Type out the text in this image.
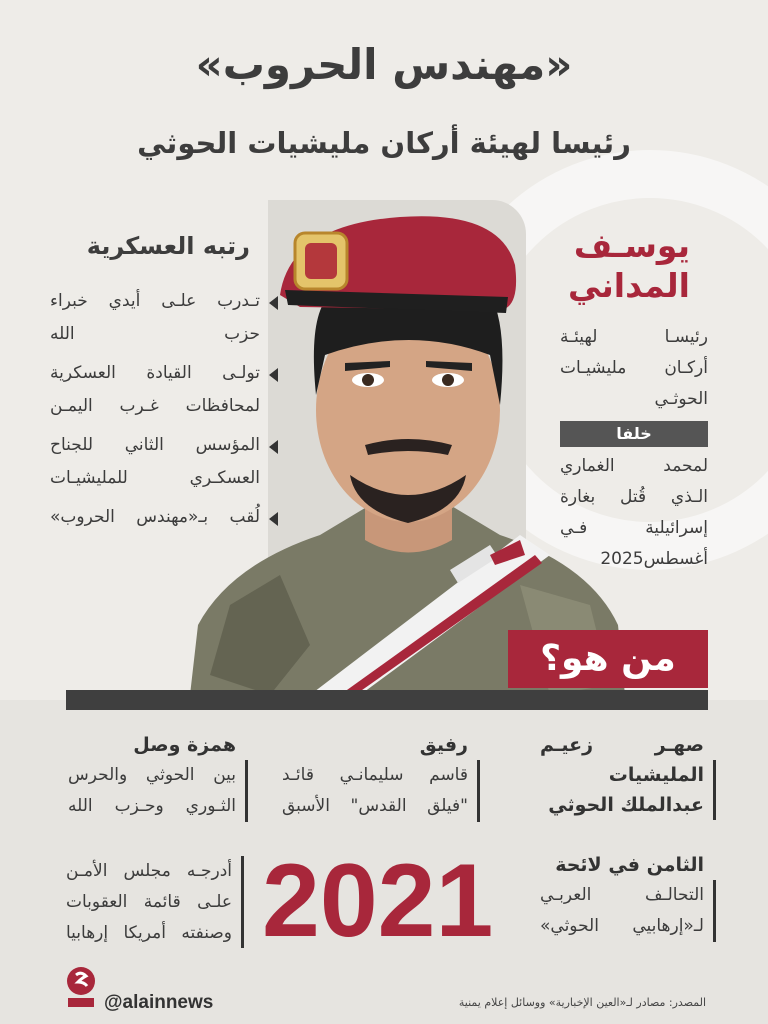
«مهندس الحروب»
رئيسا لهيئة أركان مليشيات الحوثي
رتبه العسكرية
تـدرب علـى أيدي خبراء
حزب الله
تولـى القيادة العسكرية
لمحافظات غـرب اليمـن
المؤسس الثاني للجناح
العسكـري للمليشيـات
لُقب بـ«مهندس الحروب»
يوسـف
المداني
رئيسـا لهيئـة
أركـان مليشيـات
الحوثـي
خلفا
لمحمد الغماري
الـذي قُتل بغارة
إسرائيلية فـي
أغسطس2025
من هو؟
همزة وصل
بين الحوثي والحرس
الثـوري وحـزب الله
رفيق
قاسم سليمانـي قائـد
"فيلق القدس" الأسبق
صهـر زعيـم
المليشيات
عبدالملك الحوثي
الثامن في لائحة
التحالـف العربـي
لـ«إرهابيي الحوثي»
2021
أدرجـه مجلس الأمـن
علـى قائمة العقوبات
وصنفته أمريكا إرهابيا
@alainnews	المصدر: مصادر لـ«العين الإخبارية» ووسائل إعلام يمنية
